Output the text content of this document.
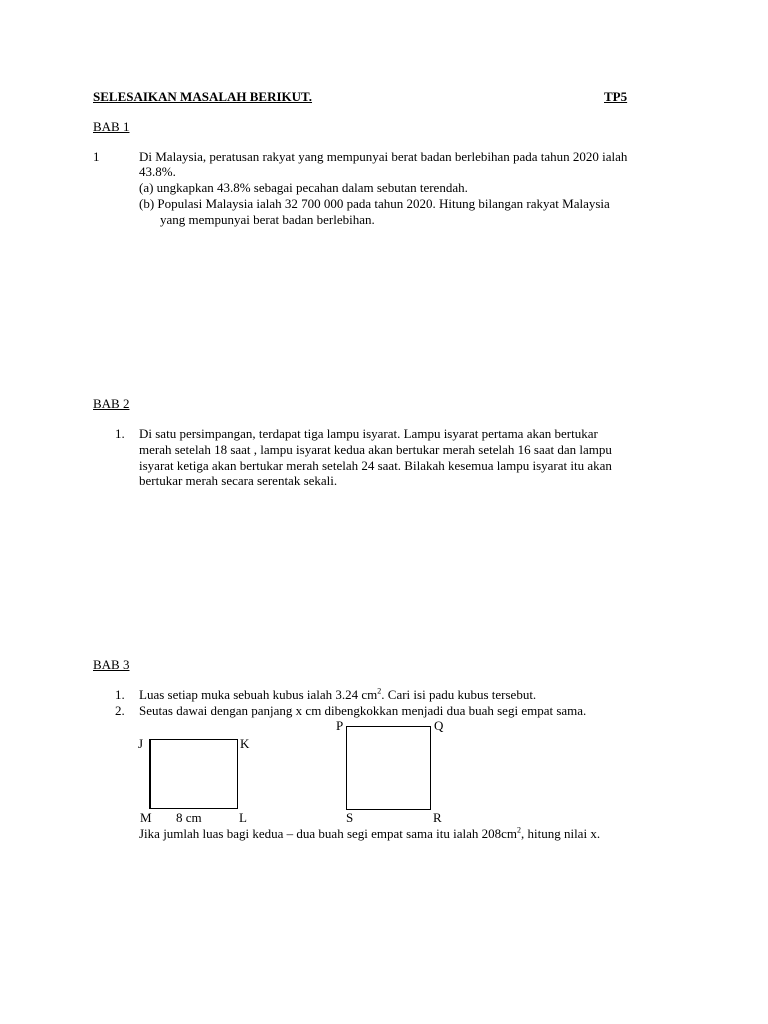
SELESAIKAN MASALAH BERIKUT.	TP5
BAB 1
1	Di Malaysia, peratusan rakyat yang mempunyai berat badan berlebihan pada tahun 2020 ialah
43.8%.
(a) ungkapkan 43.8% sebagai pecahan dalam sebutan terendah.
(b) Populasi Malaysia ialah 32 700 000 pada tahun 2020. Hitung bilangan rakyat Malaysia
yang mempunyai berat badan berlebihan.
BAB 2
1. Di satu persimpangan, terdapat tiga lampu isyarat. Lampu isyarat pertama akan bertukar
merah setelah 18 saat , lampu isyarat kedua akan bertukar merah setelah 16 saat dan lampu
isyarat ketiga akan bertukar merah setelah 24 saat. Bilakah kesemua lampu isyarat itu akan
bertukar merah secara serentak sekali.
BAB 3
1. Luas setiap muka sebuah kubus ialah 3.24 $cm^2$. Cari isi padu kubus tersebut.
2. Seutas dawai dengan panjang x cm dibengkokkan menjadi dua buah segi empat sama.
J	K
M 8 cm	L
P	Q
S	R
Jika jumlah luas bagi kedua – dua buah segi empat sama itu ialah $208cm^2$, hitung nilai x.
